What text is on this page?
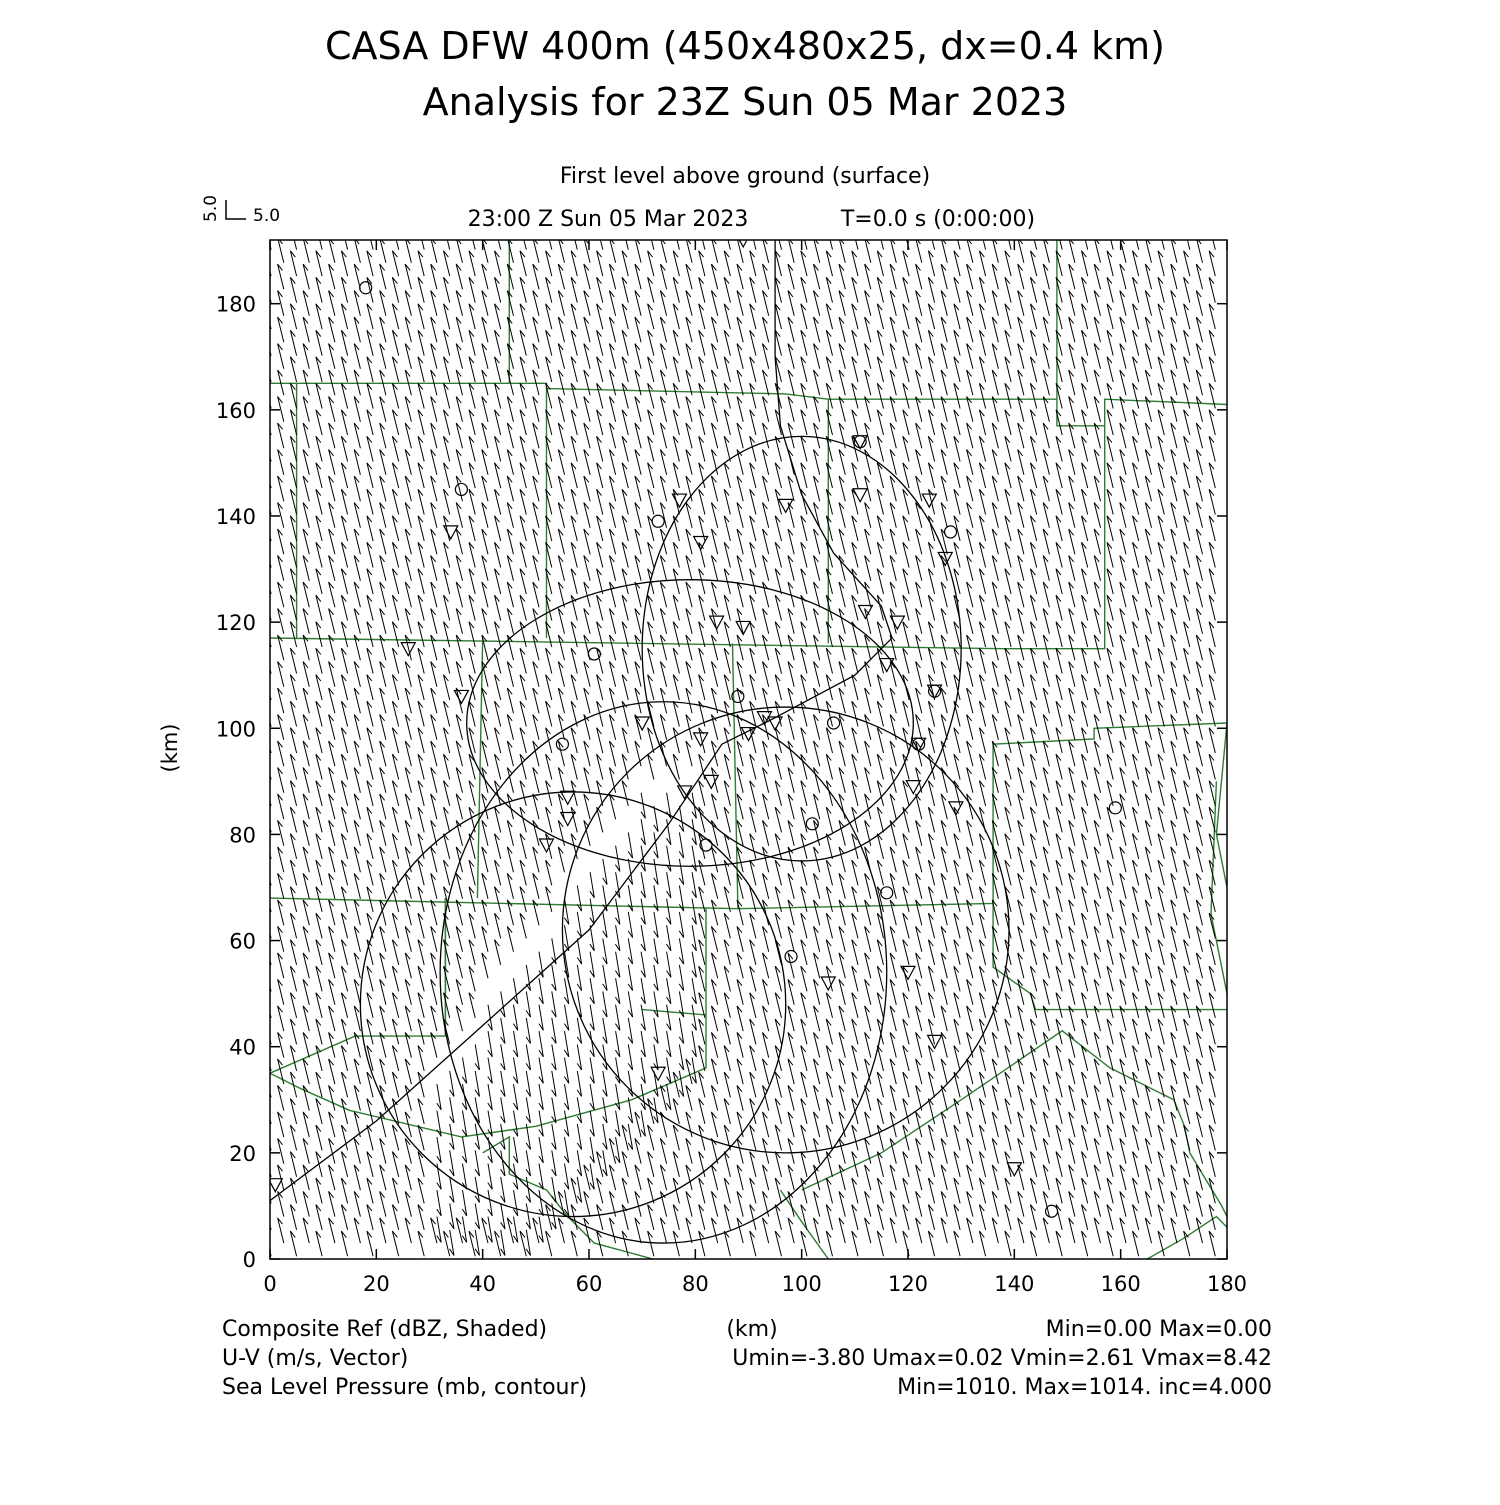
CASA DFW 400m (450x480x25, dx=0.4 km)
Analysis for 23Z Sun 05 Mar 2023
First level above ground (surface)
23:00 Z Sun 05 Mar 2023	T=0.0 s (0:00:00)
5.0 5.0
0	20	40	60	80	100	120	140	160	180
0
20
40
60
80
100
120
140
160
180
(km)
Composite Ref (dBZ, Shaded)	(km)	Min=0.00 Max=0.00
U-V (m/s, Vector)	Umin=-3.80 Umax=0.02 Vmin=2.61 Vmax=8.42
Sea Level Pressure (mb, contour)	Min=1010. Max=1014. inc=4.000
